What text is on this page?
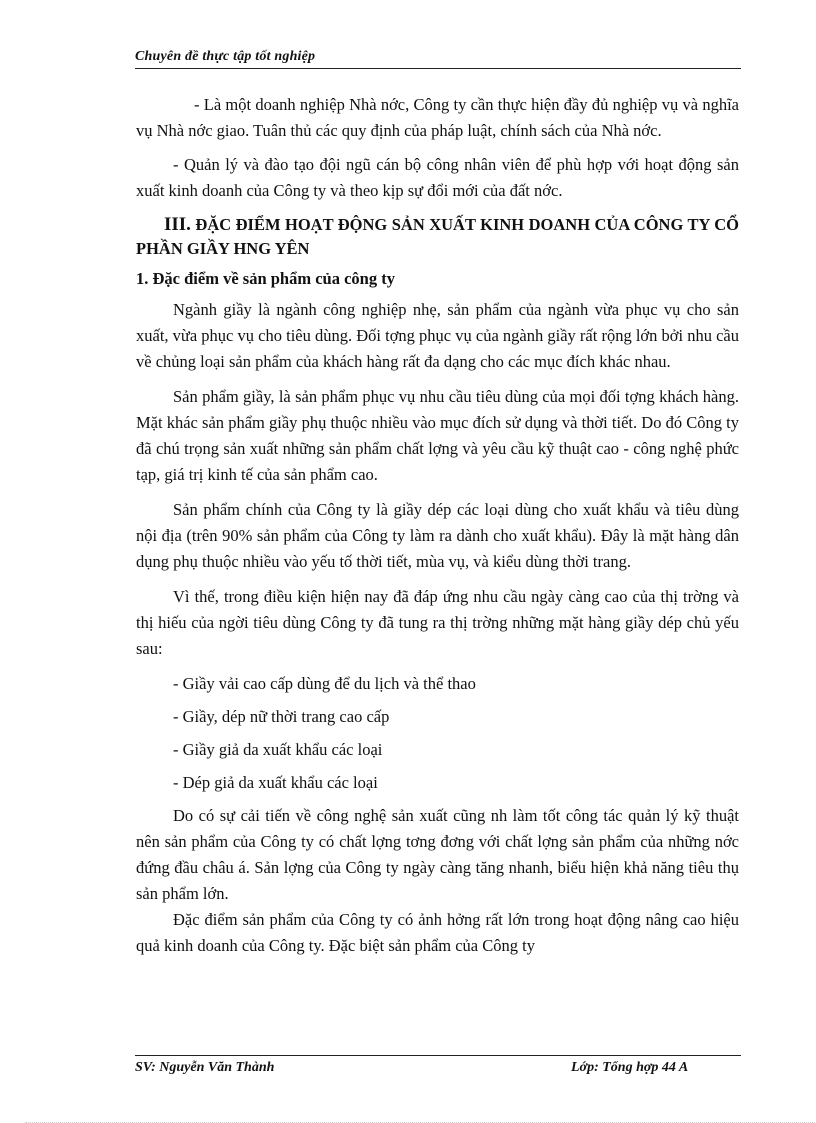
Chuyên đề thực tập tốt nghiệp

- Là một doanh nghiệp Nhà nớc, Công ty cần thực hiện đầy đủ nghiệp vụ và nghĩa vụ Nhà nớc giao. Tuân thủ các quy định của pháp luật, chính sách của Nhà nớc.

- Quản lý và đào tạo đội ngũ cán bộ công nhân viên để phù hợp với hoạt động sản xuất kinh doanh của Công ty và theo kịp sự đổi mới của đất nớc.

III. ĐẶC ĐIỂM HOẠT ĐỘNG SẢN XUẤT KINH DOANH CỦA CÔNG TY CỔ PHẦN GIẦY HNG YÊN
1. Đặc điểm về sản phẩm của công ty

Ngành giầy là ngành công nghiệp nhẹ, sản phẩm của ngành vừa phục vụ cho sản xuất, vừa phục vụ cho tiêu dùng. Đối tợng phục vụ của ngành giầy rất rộng lớn bởi nhu cầu về chủng loại sản phẩm của khách hàng rất đa dạng cho các mục đích khác nhau.

Sản phẩm giầy, là sản phẩm phục vụ nhu cầu tiêu dùng của mọi đối tợng khách hàng. Mặt khác sản phẩm giầy phụ thuộc nhiều vào mục đích sử dụng và thời tiết. Do đó Công ty đã chú trọng sản xuất những sản phẩm chất lợng và yêu cầu kỹ thuật cao - công nghệ phức tạp, giá trị kinh tế của sản phẩm cao.

Sản phẩm chính của Công ty là giầy dép các loại dùng cho xuất khẩu và tiêu dùng nội địa (trên 90% sản phẩm của Công ty làm ra dành cho xuất khẩu). Đây là mặt hàng dân dụng phụ thuộc nhiều vào yếu tố thời tiết, mùa vụ, và kiểu dùng thời trang.

Vì thế, trong điều kiện hiện nay đã đáp ứng nhu cầu ngày càng cao của thị trờng và thị hiếu của ngời tiêu dùng Công ty đã tung ra thị trờng những mặt hàng giầy dép chủ yếu sau:

- Giầy vải cao cấp dùng để du lịch và thể thao
- Giầy, dép nữ thời trang cao cấp
- Giầy giả da xuất khẩu các loại
- Dép giả da xuất khẩu các loại

Do có sự cải tiến về công nghệ sản xuất cũng nh làm tốt công tác quản lý kỹ thuật nên sản phẩm của Công ty có chất lợng tơng đơng với chất lợng sản phẩm của những nớc đứng đầu châu á. Sản lợng của Công ty ngày càng tăng nhanh, biểu hiện khả năng tiêu thụ sản phẩm lớn.

Đặc điểm sản phẩm của Công ty có ảnh hởng rất lớn trong hoạt động nâng cao hiệu quả kinh doanh của Công ty. Đặc biệt sản phẩm của Công ty

SV: Nguyễn Văn Thành	Lớp: Tổng hợp 44 A
